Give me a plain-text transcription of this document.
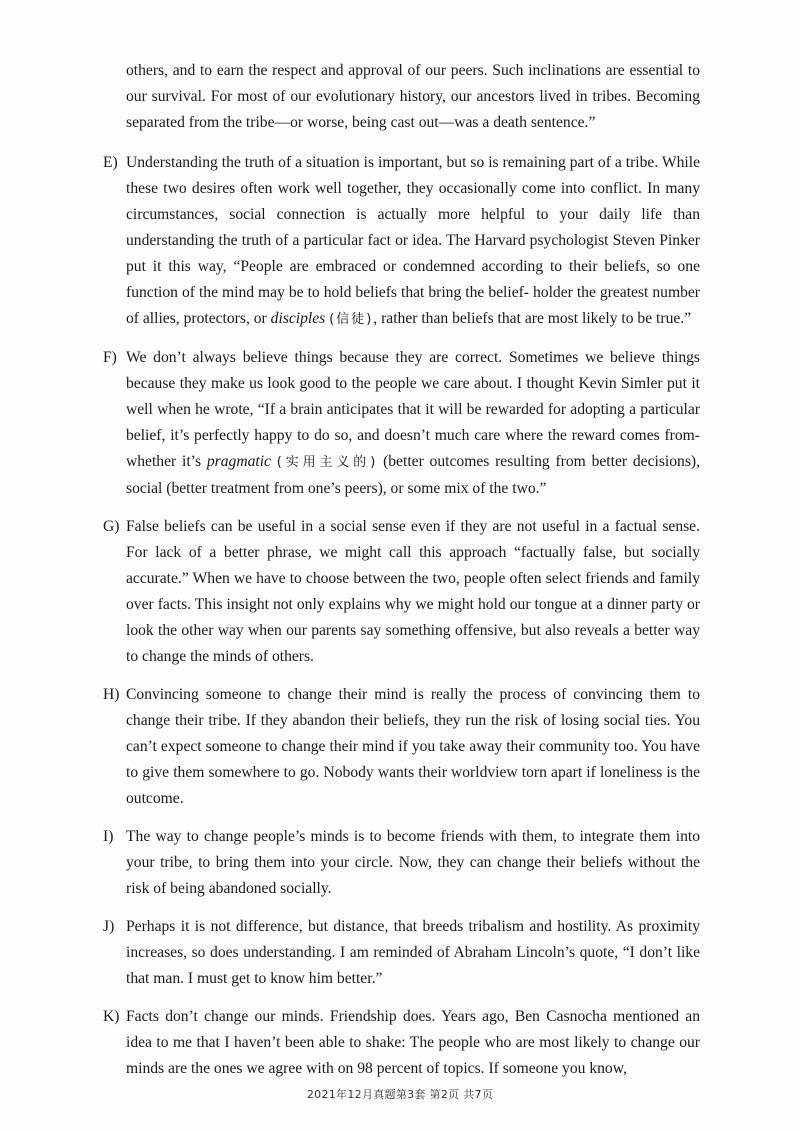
others, and to earn the respect and approval of our peers. Such inclinations are essential to our survival. For most of our evolutionary history, our ancestors lived in tribes. Becoming separated from the tribe—or worse, being cast out—was a death sentence.”

E) Understanding the truth of a situation is important, but so is remaining part of a tribe. While these two desires often work well together, they occasionally come into conflict. In many circumstances, social connection is actually more helpful to your daily life than understanding the truth of a particular fact or idea. The Harvard psychologist Steven Pinker put it this way, “People are embraced or condemned according to their beliefs, so one function of the mind may be to hold beliefs that bring the belief- holder the greatest number of allies, protectors, or disciples (信徒), rather than beliefs that are most likely to be true.”

F) We don’t always believe things because they are correct. Sometimes we believe things because they make us look good to the people we care about. I thought Kevin Simler put it well when he wrote, “If a brain anticipates that it will be rewarded for adopting a particular belief, it’s perfectly happy to do so, and doesn’t much care where the reward comes from- whether it’s pragmatic (实用主义的) (better outcomes resulting from better decisions), social (better treatment from one’s peers), or some mix of the two.”

G) False beliefs can be useful in a social sense even if they are not useful in a factual sense. For lack of a better phrase, we might call this approach “factually false, but socially accurate.” When we have to choose between the two, people often select friends and family over facts. This insight not only explains why we might hold our tongue at a dinner party or look the other way when our parents say something offensive, but also reveals a better way to change the minds of others.

H) Convincing someone to change their mind is really the process of convincing them to change their tribe. If they abandon their beliefs, they run the risk of losing social ties. You can’t expect someone to change their mind if you take away their community too. You have to give them somewhere to go. Nobody wants their worldview torn apart if loneliness is the outcome.

I) The way to change people’s minds is to become friends with them, to integrate them into your tribe, to bring them into your circle. Now, they can change their beliefs without the risk of being abandoned socially.

J) Perhaps it is not difference, but distance, that breeds tribalism and hostility. As proximity increases, so does understanding. I am reminded of Abraham Lincoln’s quote, “I don’t like that man. I must get to know him better.”

K) Facts don’t change our minds. Friendship does. Years ago, Ben Casnocha mentioned an idea to me that I haven’t been able to shake: The people who are most likely to change our minds are the ones we agree with on 98 percent of topics. If someone you know,

2021年12月真题第3套 第2页 共7页
